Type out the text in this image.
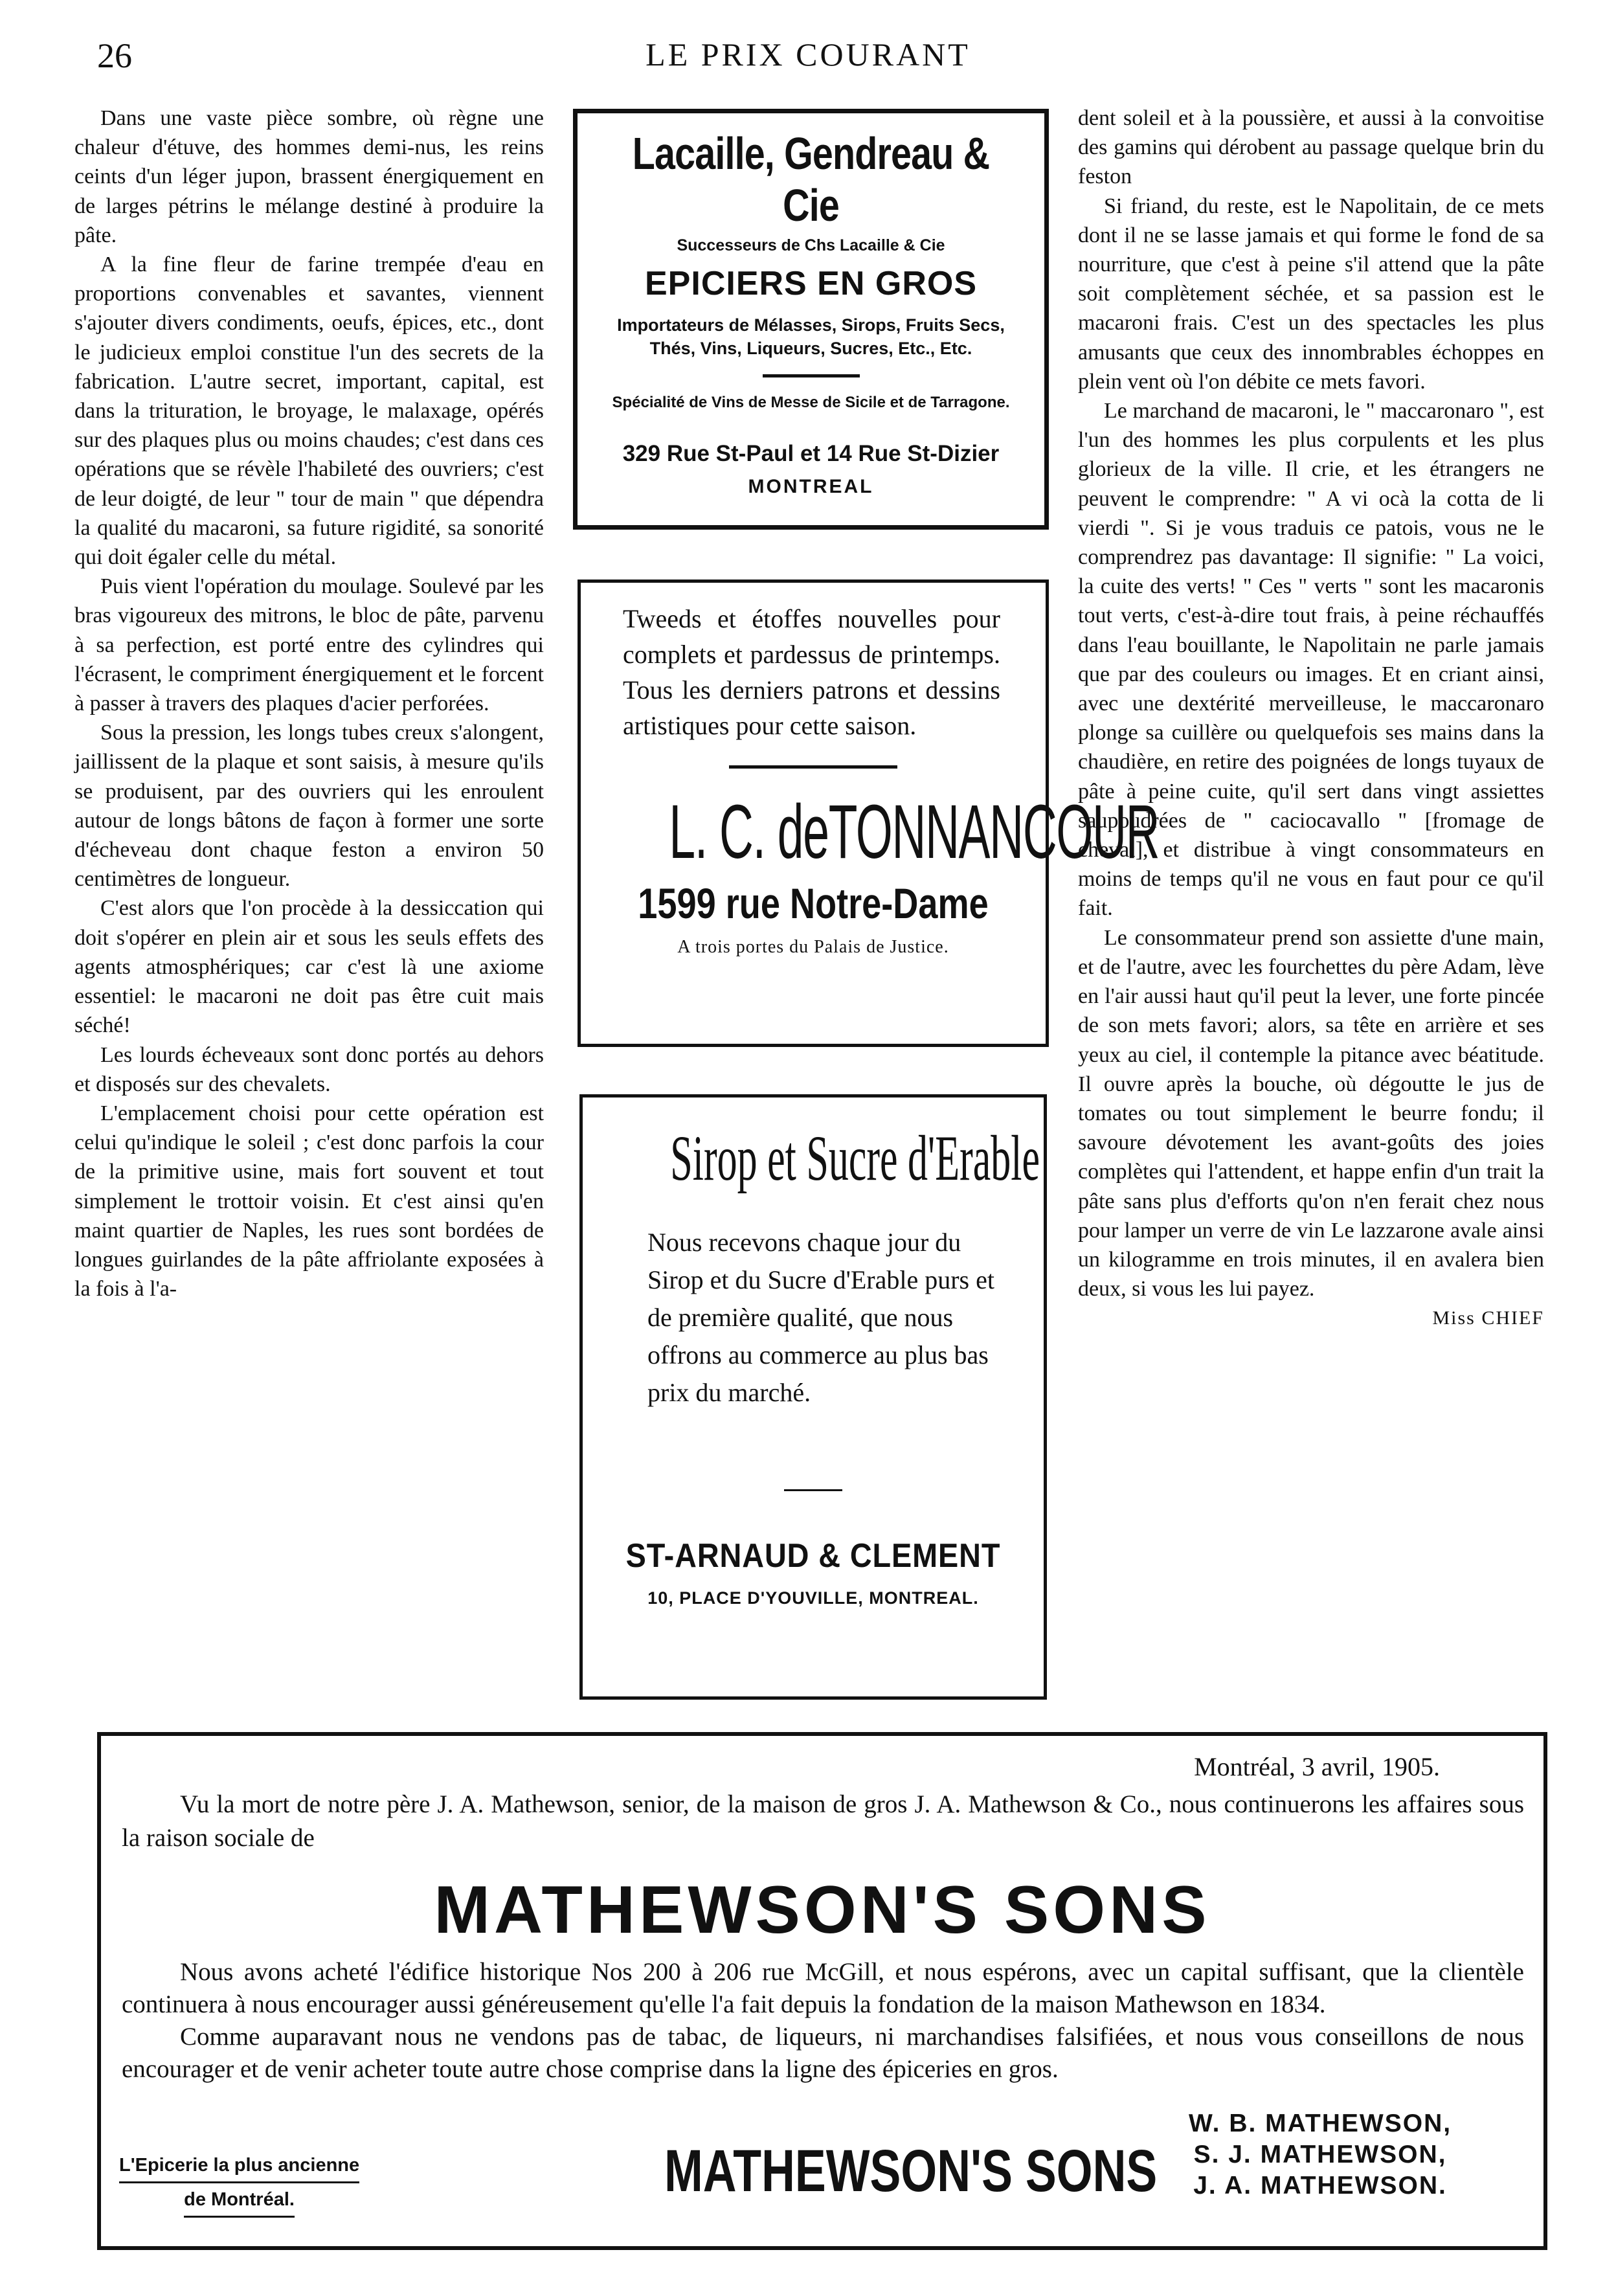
26	LE PRIX COURANT

Dans une vaste pièce sombre, où règne une chaleur d'étuve, des hommes demi-nus, les reins ceints d'un léger jupon, brassent énergiquement en de larges pétrins le mélange destiné à produire la pâte.

A la fine fleur de farine trempée d'eau en proportions convenables et savantes, viennent s'ajouter divers condiments, oeufs, épices, etc., dont le judicieux emploi constitue l'un des secrets de la fabrication. L'autre secret, important, capital, est dans la trituration, le broyage, le malaxage, opérés sur des plaques plus ou moins chaudes; c'est dans ces opérations que se révèle l'habileté des ouvriers; c'est de leur doigté, de leur " tour de main " que dépendra la qualité du macaroni, sa future rigidité, sa sonorité qui doit égaler celle du métal.

Puis vient l'opération du moulage. Soulevé par les bras vigoureux des mitrons, le bloc de pâte, parvenu à sa perfection, est porté entre des cylindres qui l'écrasent, le compriment énergiquement et le forcent à passer à travers des plaques d'acier perforées.

Sous la pression, les longs tubes creux s'alongent, jaillissent de la plaque et sont saisis, à mesure qu'ils se produisent, par des ouvriers qui les enroulent autour de longs bâtons de façon à former une sorte d'écheveau dont chaque feston a environ 50 centimètres de longueur.

C'est alors que l'on procède à la dessiccation qui doit s'opérer en plein air et sous les seuls effets des agents atmosphériques; car c'est là une axiome essentiel: le macaroni ne doit pas être cuit mais séché!

Les lourds écheveaux sont donc portés au dehors et disposés sur des chevalets.

L'emplacement choisi pour cette opération est celui qu'indique le soleil ; c'est donc parfois la cour de la primitive usine, mais fort souvent et tout simplement le trottoir voisin. Et c'est ainsi qu'en maint quartier de Naples, les rues sont bordées de longues guirlandes de la pâte affriolante exposées à la fois à l'a-

Lacaille, Gendreau & Cie
Successeurs de Chs Lacaille & Cie
EPICIERS EN GROS
Importateurs de Mélasses, Sirops, Fruits Secs, Thés, Vins, Liqueurs, Sucres, Etc., Etc.
Spécialité de Vins de Messe de Sicile et de Tarragone.
329 Rue St-Paul et 14 Rue St-Dizier
MONTREAL
Tweeds et étoffes nouvelles pour complets et pardessus de printemps. Tous les derniers patrons et dessins artistiques pour cette saison.
L. C. deTONNANCOUR
1599 rue Notre-Dame
A trois portes du Palais de Justice.
Sirop et Sucre d'Erable
Nous recevons chaque jour du Sirop et du Sucre d'Erable purs et de première qualité, que nous offrons au commerce au plus bas prix du marché.
ST-ARNAUD & CLEMENT
10, PLACE D'YOUVILLE, MONTREAL.

dent soleil et à la poussière, et aussi à la convoitise des gamins qui dérobent au passage quelque brin du feston

Si friand, du reste, est le Napolitain, de ce mets dont il ne se lasse jamais et qui forme le fond de sa nourriture, que c'est à peine s'il attend que la pâte soit complètement séchée, et sa passion est le macaroni frais. C'est un des spectacles les plus amusants que ceux des innombrables échoppes en plein vent où l'on débite ce mets favori.

Le marchand de macaroni, le " maccaronaro ", est l'un des hommes les plus corpulents et les plus glorieux de la ville. Il crie, et les étrangers ne peuvent le comprendre: " A vi ocà la cotta de li vierdi ". Si je vous traduis ce patois, vous ne le comprendrez pas davantage: Il signifie: " La voici, la cuite des verts! " Ces " verts " sont les macaronis tout verts, c'est-à-dire tout frais, à peine réchauffés dans l'eau bouillante, le Napolitain ne parle jamais que par des couleurs ou images. Et en criant ainsi, avec une dextérité merveilleuse, le maccaronaro plonge sa cuillère ou quelquefois ses mains dans la chaudière, en retire des poignées de longs tuyaux de pâte à peine cuite, qu'il sert dans vingt assiettes saupoudrées de " caciocavallo " [fromage de cheval], et distribue à vingt consommateurs en moins de temps qu'il ne vous en faut pour ce qu'il fait.

Le consommateur prend son assiette d'une main, et de l'autre, avec les fourchettes du père Adam, lève en l'air aussi haut qu'il peut la lever, une forte pincée de son mets favori; alors, sa tête en arrière et ses yeux au ciel, il contemple la pitance avec béatitude. Il ouvre après la bouche, où dégoutte le jus de tomates ou tout simplement le beurre fondu; il savoure dévotement les avant-goûts des joies complètes qui l'attendent, et happe enfin d'un trait la pâte sans plus d'efforts qu'on n'en ferait chez nous pour lamper un verre de vin Le lazzarone avale ainsi un kilogramme en trois minutes, il en avalera bien deux, si vous les lui payez.

Miss CHIEF

Montréal, 3 avril, 1905.
Vu la mort de notre père J. A. Mathewson, senior, de la maison de gros J. A. Mathewson & Co., nous continuerons les affaires sous la raison sociale de
MATHEWSON'S SONS

Nous avons acheté l'édifice historique Nos 200 à 206 rue McGill, et nous espérons, avec un capital suffisant, que la clientèle continuera à nous encourager aussi généreusement qu'elle l'a fait depuis la fondation de la maison Mathewson en 1834.

Comme auparavant nous ne vendons pas de tabac, de liqueurs, ni marchandises falsifiées, et nous vous conseillons de nous encourager et de venir acheter toute autre chose comprise dans la ligne des épiceries en gros.

L'Epicerie la plus ancienne
de Montréal.	MATHEWSON'S SONS
W. B. MATHEWSON,
S. J. MATHEWSON,
J. A. MATHEWSON.
